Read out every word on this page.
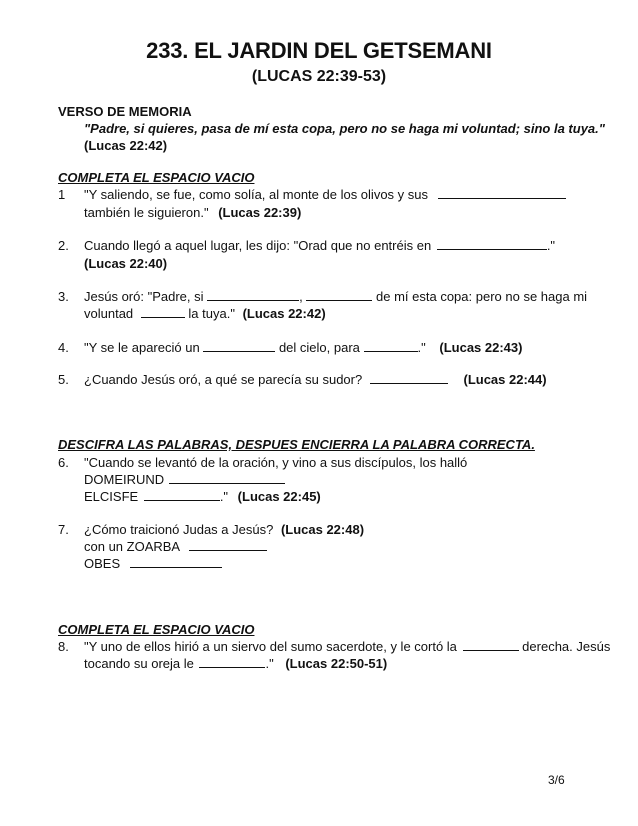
233. EL JARDIN DEL GETSEMANI
(LUCAS 22:39-53)
VERSO DE MEMORIA
"Padre, si quieres, pasa de mí esta copa, pero no se haga mi voluntad; sino la tuya."
(Lucas 22:42)
COMPLETA EL ESPACIO VACIO
1 "Y saliendo, se fue, como solía, al monte de los olivos y sus
también le siguieron." (Lucas 22:39)
2. Cuando llegó a aquel lugar, les dijo: "Orad que no entréis en	."
(Lucas 22:40)
3. Jesús oró: "Padre, si	,	de mí esta copa: pero no se haga mi
voluntad	la tuya." (Lucas 22:42)
4. "Y se le apareció un	del cielo, para	." (Lucas 22:43)
5. ¿Cuando Jesús oró, a qué se parecía su sudor?	(Lucas 22:44)
DESCIFRA LAS PALABRAS, DESPUES ENCIERRA LA PALABRA CORRECTA.
6. "Cuando se levantó de la oración, y vino a sus discípulos, los halló
DOMEIRUND
ELCISFE	." (Lucas 22:45)
7. ¿Cómo traicionó Judas a Jesús? (Lucas 22:48)
con un ZOARBA
OBES
COMPLETA EL ESPACIO VACIO
8. "Y uno de ellos hirió a un siervo del sumo sacerdote, y le cortó la	derecha. Jesús
tocando su oreja le	." (Lucas 22:50-51)
3/6
